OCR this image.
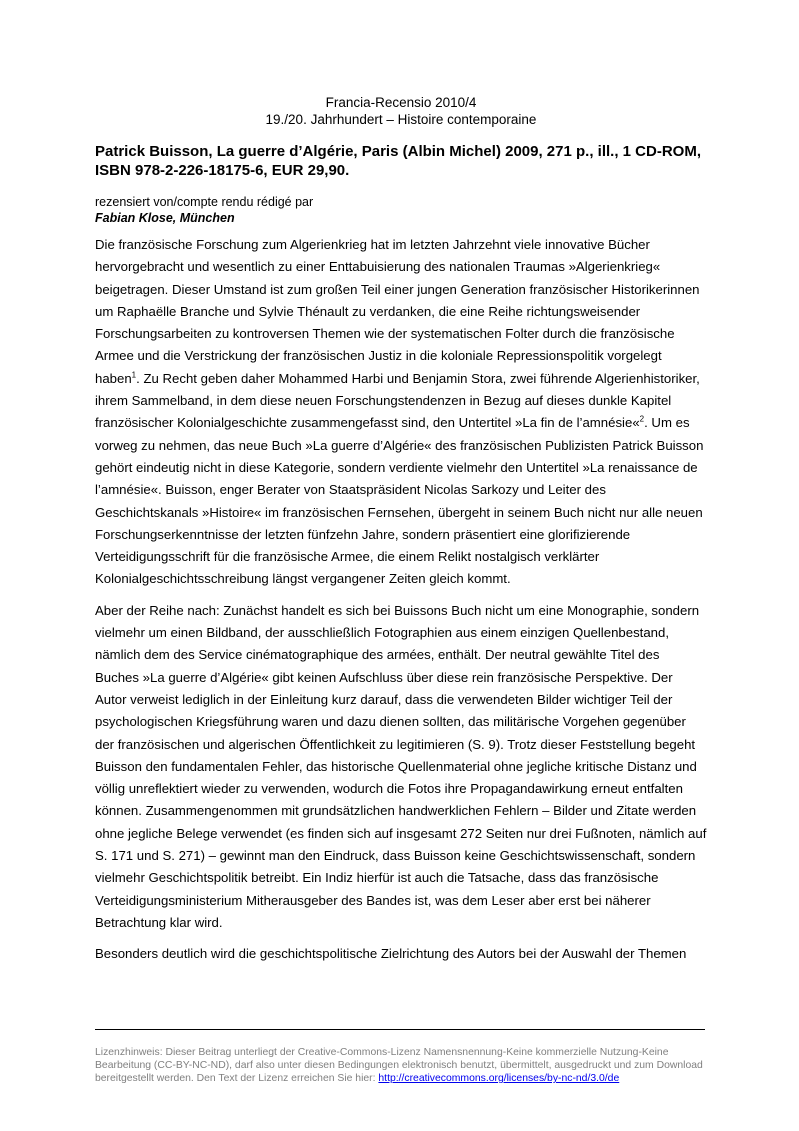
Francia-Recensio 2010/4
19./20. Jahrhundert – Histoire contemporaine
Patrick Buisson, La guerre d’Algérie, Paris (Albin Michel) 2009, 271 p., ill., 1 CD-ROM, ISBN 978-2-226-18175-6, EUR 29,90.
rezensiert von/compte rendu rédigé par
Fabian Klose, München
Die französische Forschung zum Algerienkrieg hat im letzten Jahrzehnt viele innovative Bücher hervorgebracht und wesentlich zu einer Enttabuisierung des nationalen Traumas »Algerienkrieg« beigetragen. Dieser Umstand ist zum großen Teil einer jungen Generation französischer Historikerinnen um Raphaëlle Branche und Sylvie Thénault zu verdanken, die eine Reihe richtungsweisender Forschungsarbeiten zu kontroversen Themen wie der systematischen Folter durch die französische Armee und die Verstrickung der französischen Justiz in die koloniale Repressionspolitik vorgelegt haben$^1$. Zu Recht geben daher Mohammed Harbi und Benjamin Stora, zwei führende Algerienhistoriker, ihrem Sammelband, in dem diese neuen Forschungstendenzen in Bezug auf dieses dunkle Kapitel französischer Kolonialgeschichte zusammengefasst sind, den Untertitel »La fin de l’amnésie«$^2$. Um es vorweg zu nehmen, das neue Buch »La guerre d’Algérie« des französischen Publizisten Patrick Buisson gehört eindeutig nicht in diese Kategorie, sondern verdiente vielmehr den Untertitel »La renaissance de l’amnésie«. Buisson, enger Berater von Staatspräsident Nicolas Sarkozy und Leiter des Geschichtskanals »Histoire« im französischen Fernsehen, übergeht in seinem Buch nicht nur alle neuen Forschungserkenntnisse der letzten fünfzehn Jahre, sondern präsentiert eine glorifizierende Verteidigungsschrift für die französische Armee, die einem Relikt nostalgisch verklärter Kolonialgeschichtsschreibung längst vergangener Zeiten gleich kommt.
Aber der Reihe nach: Zunächst handelt es sich bei Buissons Buch nicht um eine Monographie, sondern vielmehr um einen Bildband, der ausschließlich Fotographien aus einem einzigen Quellenbestand, nämlich dem des Service cinématographique des armées, enthält. Der neutral gewählte Titel des Buches »La guerre d’Algérie« gibt keinen Aufschluss über diese rein französische Perspektive. Der Autor verweist lediglich in der Einleitung kurz darauf, dass die verwendeten Bilder wichtiger Teil der psychologischen Kriegsführung waren und dazu dienen sollten, das militärische Vorgehen gegenüber der französischen und algerischen Öffentlichkeit zu legitimieren (S. 9). Trotz dieser Feststellung begeht Buisson den fundamentalen Fehler, das historische Quellenmaterial ohne jegliche kritische Distanz und völlig unreflektiert wieder zu verwenden, wodurch die Fotos ihre Propagandawirkung erneut entfalten können. Zusammengenommen mit grundsätzlichen handwerklichen Fehlern – Bilder und Zitate werden ohne jegliche Belege verwendet (es finden sich auf insgesamt 272 Seiten nur drei Fußnoten, nämlich auf S. 171 und S. 271) – gewinnt man den Eindruck, dass Buisson keine Geschichtswissenschaft, sondern vielmehr Geschichtspolitik betreibt. Ein Indiz hierfür ist auch die Tatsache, dass das französische Verteidigungsministerium Mitherausgeber des Bandes ist, was dem Leser aber erst bei näherer Betrachtung klar wird.
Besonders deutlich wird die geschichtspolitische Zielrichtung des Autors bei der Auswahl der Themen
Lizenzhinweis: Dieser Beitrag unterliegt der Creative-Commons-Lizenz Namensnennung-Keine kommerzielle Nutzung-Keine Bearbeitung (CC-BY-NC-ND), darf also unter diesen Bedingungen elektronisch benutzt, übermittelt, ausgedruckt und zum Download bereitgestellt werden. Den Text der Lizenz erreichen Sie hier: http://creativecommons.org/licenses/by-nc-nd/3.0/de
